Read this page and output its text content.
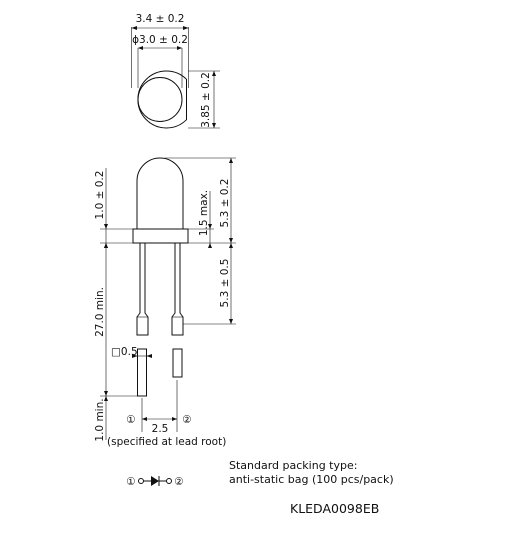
3.4 ± 0.2
ϕ3.0 ± 0.2
3.85 ± 0.2
5.3 ± 0.2
1.5 max.
1.0 ± 0.2
5.3 ± 0.5
27.0 min.
1.0 min.
□0.5
①	②
2.5
(specified at lead root)
①	②
Standard packing type:
anti-static bag (100 pcs/pack)
KLEDA0098EB
